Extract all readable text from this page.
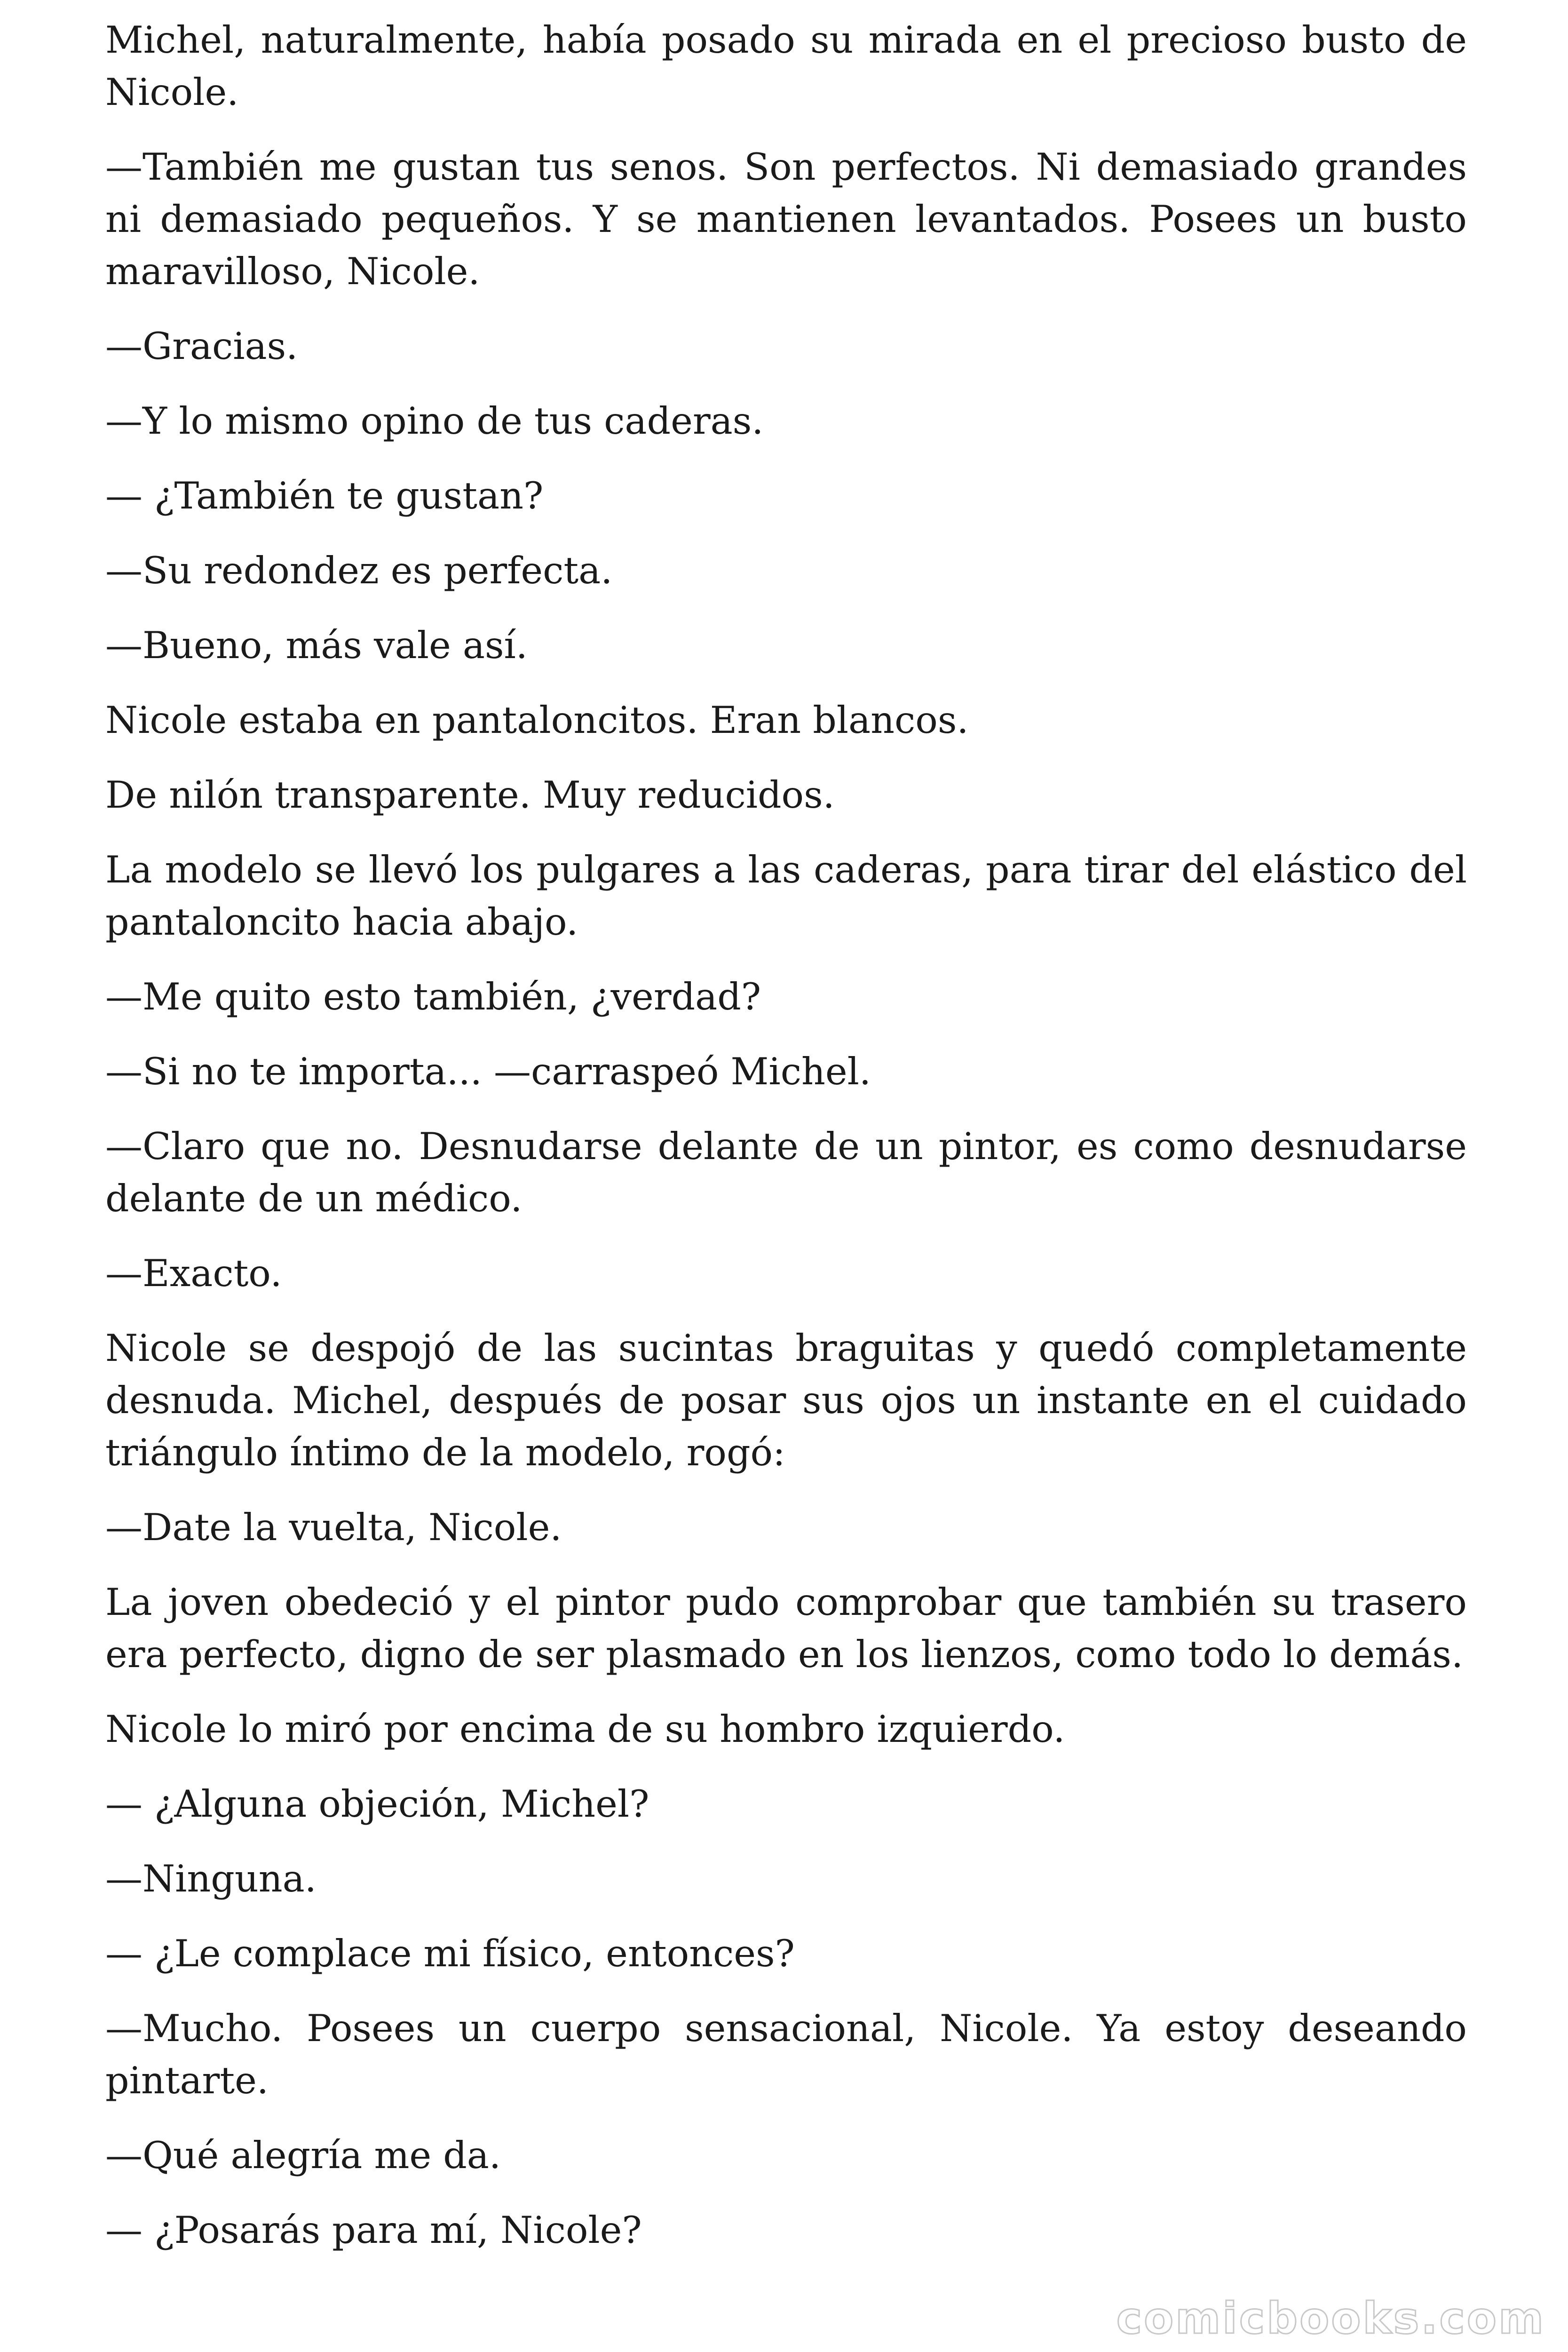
Michel, naturalmente, había posado su mirada en el precioso busto de Nicole.

—También me gustan tus senos. Son perfectos. Ni demasiado grandes ni demasiado pequeños. Y se mantienen levantados. Posees un busto maravilloso, Nicole.

—Gracias.

—Y lo mismo opino de tus caderas.

— ¿También te gustan?

—Su redondez es perfecta.

—Bueno, más vale así.

Nicole estaba en pantaloncitos. Eran blancos.

De nilón transparente. Muy reducidos.

La modelo se llevó los pulgares a las caderas, para tirar del elástico del pantaloncito hacia abajo.

—Me quito esto también, ¿verdad?

—Si no te importa... —carraspeó Michel.

—Claro que no. Desnudarse delante de un pintor, es como desnudarse delante de un médico.

—Exacto.

Nicole se despojó de las sucintas braguitas y quedó completamente desnuda. Michel, después de posar sus ojos un instante en el cuidado triángulo íntimo de la modelo, rogó:

—Date la vuelta, Nicole.

La joven obedeció y el pintor pudo comprobar que también su trasero era perfecto, digno de ser plasmado en los lienzos, como todo lo demás.

Nicole lo miró por encima de su hombro izquierdo.

— ¿Alguna objeción, Michel?

—Ninguna.

— ¿Le complace mi físico, entonces?

—Mucho. Posees un cuerpo sensacional, Nicole. Ya estoy deseando pintarte.

—Qué alegría me da.

— ¿Posarás para mí, Nicole?

comicbooks.com
